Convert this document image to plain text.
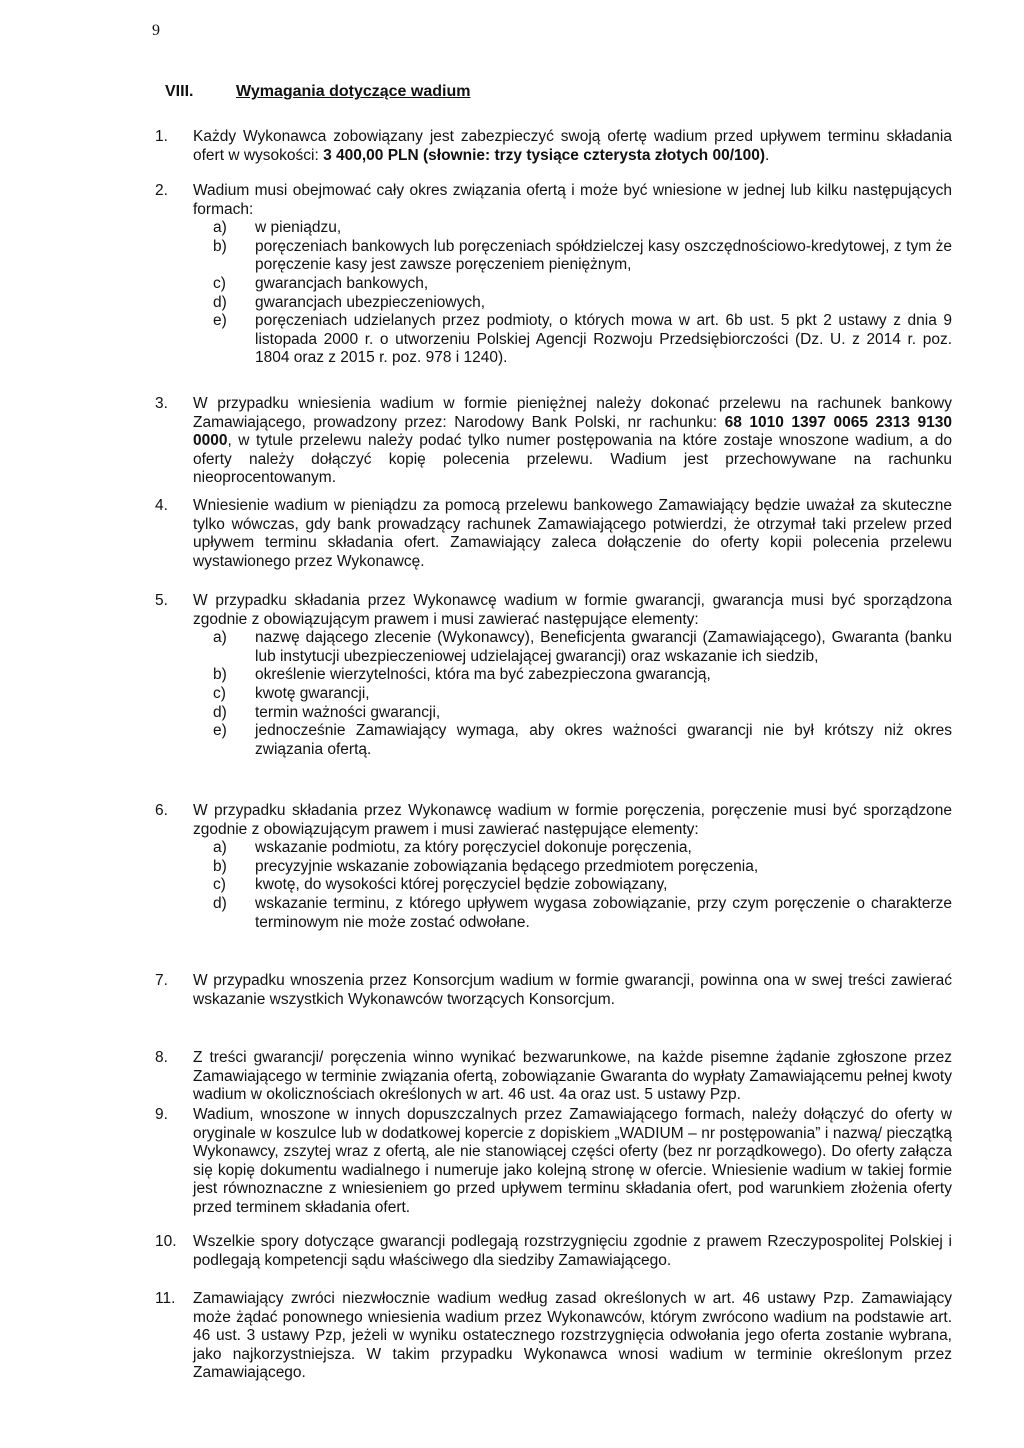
9
VIII.	Wymagania dotyczące wadium
1.	Każdy Wykonawca zobowiązany jest zabezpieczyć swoją ofertę wadium przed upływem terminu składania ofert w wysokości: 3 400,00 PLN (słownie: trzy tysiące czterysta złotych 00/100).

2.	Wadium musi obejmować cały okres związania ofertą i może być wniesione w jednej lub kilku następujących formach:

a) w pieniądzu,
b) poręczeniach bankowych lub poręczeniach spółdzielczej kasy oszczędnościowo-kredytowej, z tym że poręczenie kasy jest zawsze poręczeniem pieniężnym,
c) gwarancjach bankowych,
d) gwarancjach ubezpieczeniowych,
e) poręczeniach udzielanych przez podmioty, o których mowa w art. 6b ust. 5 pkt 2 ustawy z dnia 9 listopada 2000 r. o utworzeniu Polskiej Agencji Rozwoju Przedsiębiorczości (Dz. U. z 2014 r. poz. 1804 oraz z 2015 r. poz. 978 i 1240).
3.	W przypadku wniesienia wadium w formie pieniężnej należy dokonać przelewu na rachunek bankowy Zamawiającego, prowadzony przez: Narodowy Bank Polski, nr rachunku: 68 1010 1397 0065 2313 9130 0000, w tytule przelewu należy podać tylko numer postępowania na które zostaje wnoszone wadium, a do oferty należy dołączyć kopię polecenia przelewu. Wadium jest przechowywane na rachunku nieoprocentowanym.

4.	Wniesienie wadium w pieniądzu za pomocą przelewu bankowego Zamawiający będzie uważał za skuteczne tylko wówczas, gdy bank prowadzący rachunek Zamawiającego potwierdzi, że otrzymał taki przelew przed upływem terminu składania ofert. Zamawiający zaleca dołączenie do oferty kopii polecenia przelewu wystawionego przez Wykonawcę.

5.	W przypadku składania przez Wykonawcę wadium w formie gwarancji, gwarancja musi być sporządzona zgodnie z obowiązującym prawem i musi zawierać następujące elementy:

a) nazwę dającego zlecenie (Wykonawcy), Beneficjenta gwarancji (Zamawiającego), Gwaranta (banku lub instytucji ubezpieczeniowej udzielającej gwarancji) oraz wskazanie ich siedzib,
b) określenie wierzytelności, która ma być zabezpieczona gwarancją,
c) kwotę gwarancji,
d) termin ważności gwarancji,
e) jednocześnie Zamawiający wymaga, aby okres ważności gwarancji nie był krótszy niż okres związania ofertą.
6.	W przypadku składania przez Wykonawcę wadium w formie poręczenia, poręczenie musi być sporządzone zgodnie z obowiązującym prawem i musi zawierać następujące elementy:

a) wskazanie podmiotu, za który poręczyciel dokonuje poręczenia,
b) precyzyjnie wskazanie zobowiązania będącego przedmiotem poręczenia,
c) kwotę, do wysokości której poręczyciel będzie zobowiązany,
d) wskazanie terminu, z którego upływem wygasa zobowiązanie, przy czym poręczenie o charakterze terminowym nie może zostać odwołane.
7.	W przypadku wnoszenia przez Konsorcjum wadium w formie gwarancji, powinna ona w swej treści zawierać wskazanie wszystkich Wykonawców tworzących Konsorcjum.

8.	Z treści gwarancji/ poręczenia winno wynikać bezwarunkowe, na każde pisemne żądanie zgłoszone przez Zamawiającego w terminie związania ofertą, zobowiązanie Gwaranta do wypłaty Zamawiającemu pełnej kwoty wadium w okolicznościach określonych w art. 46 ust. 4a oraz ust. 5 ustawy Pzp.

9.	Wadium, wnoszone w innych dopuszczalnych przez Zamawiającego formach, należy dołączyć do oferty w oryginale w koszulce lub w dodatkowej kopercie z dopiskiem „WADIUM – nr postępowania” i nazwą/ pieczątką Wykonawcy, zszytej wraz z ofertą, ale nie stanowiącej części oferty (bez nr porządkowego). Do oferty załącza się kopię dokumentu wadialnego i numeruje jako kolejną stronę w ofercie. Wniesienie wadium w takiej formie jest równoznaczne z wniesieniem go przed upływem terminu składania ofert, pod warunkiem złożenia oferty przed terminem składania ofert.

10.	Wszelkie spory dotyczące gwarancji podlegają rozstrzygnięciu zgodnie z prawem Rzeczypospolitej Polskiej i podlegają kompetencji sądu właściwego dla siedziby Zamawiającego.

11.	Zamawiający zwróci niezwłocznie wadium według zasad określonych w art. 46 ustawy Pzp. Zamawiający może żądać ponownego wniesienia wadium przez Wykonawców, którym zwrócono wadium na podstawie art. 46 ust. 3 ustawy Pzp, jeżeli w wyniku ostatecznego rozstrzygnięcia odwołania jego oferta zostanie wybrana, jako najkorzystniejsza. W takim przypadku Wykonawca wnosi wadium w terminie określonym przez Zamawiającego.
